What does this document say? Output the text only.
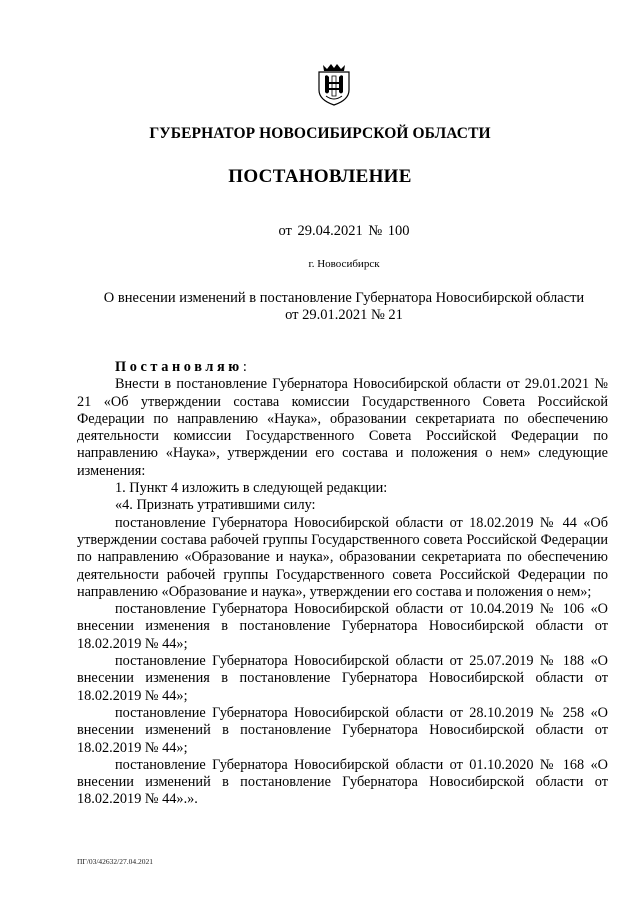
ГУБЕРНАТОР НОВОСИБИРСКОЙ ОБЛАСТИ
ПОСТАНОВЛЕНИЕ
от 29.04.2021 № 100
г. Новосибирск
О внесении изменений в постановление Губернатора Новосибирской области
от 29.01.2021 № 21

Постановляю:

Внести в постановление Губернатора Новосибирской области от 29.01.2021 № 21 «Об утверждении состава комиссии Государственного Совета Российской Федерации по направлению «Наука», образовании секретариата по обеспечению деятельности комиссии Государственного Совета Российской Федерации по направлению «Наука», утверждении его состава и положения о нем» следующие изменения:

1. Пункт 4 изложить в следующей редакции:

«4. Признать утратившими силу:

постановление Губернатора Новосибирской области от 18.02.2019 № 44 «Об утверждении состава рабочей группы Государственного совета Российской Федерации по направлению «Образование и наука», образовании секретариата по обеспечению деятельности рабочей группы Государственного совета Российской Федерации по направлению «Образование и наука», утверждении его состава и положения о нем»;

постановление Губернатора Новосибирской области от 10.04.2019 № 106 «О внесении изменения в постановление Губернатора Новосибирской области от 18.02.2019 № 44»;

постановление Губернатора Новосибирской области от 25.07.2019 № 188 «О внесении изменения в постановление Губернатора Новосибирской области от 18.02.2019 № 44»;

постановление Губернатора Новосибирской области от 28.10.2019 № 258 «О внесении изменений в постановление Губернатора Новосибирской области от 18.02.2019 № 44»;

постановление Губернатора Новосибирской области от 01.10.2020 № 168 «О внесении изменений в постановление Губернатора Новосибирской области от 18.02.2019 № 44».».

ПГ/03/42632/27.04.2021
